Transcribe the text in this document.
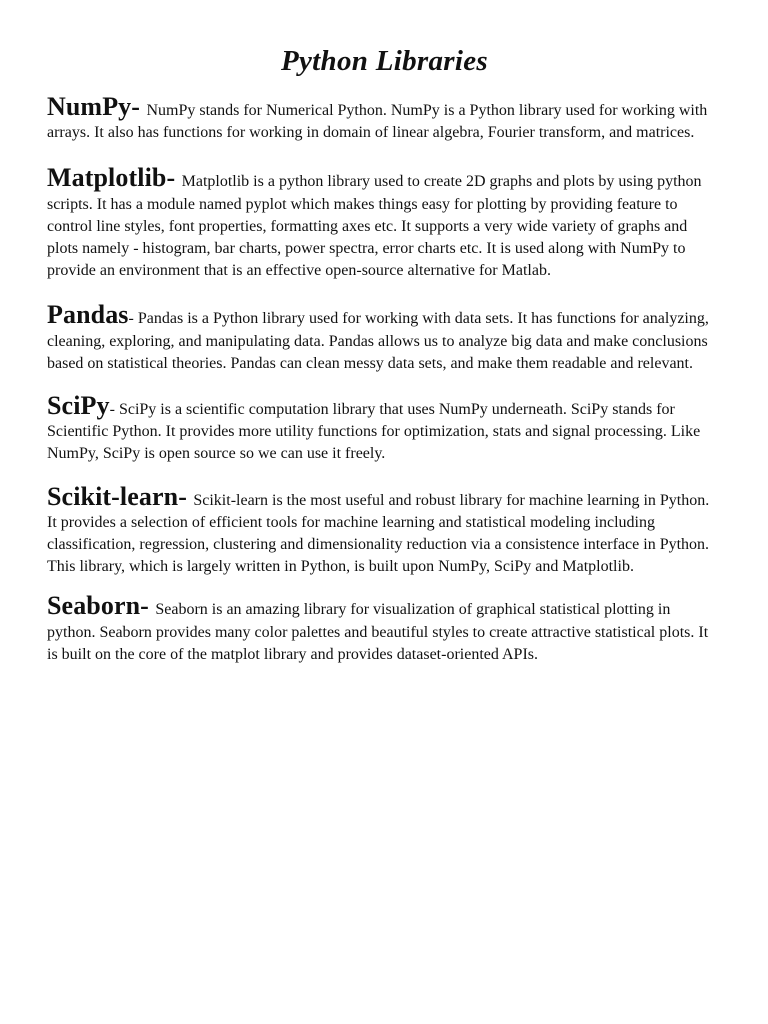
Python Libraries

NumPy- NumPy stands for Numerical Python. NumPy is a Python library used for working with arrays. It also has functions for working in domain of linear algebra, Fourier transform, and matrices.

Matplotlib- Matplotlib is a python library used to create 2D graphs and plots by using python scripts. It has a module named pyplot which makes things easy for plotting by providing feature to control line styles, font properties, formatting axes etc. It supports a very wide variety of graphs and plots namely - histogram, bar charts, power spectra, error charts etc. It is used along with NumPy to provide an environment that is an effective open-source alternative for Matlab.

Pandas- Pandas is a Python library used for working with data sets. It has functions for analyzing, cleaning, exploring, and manipulating data. Pandas allows us to analyze big data and make conclusions based on statistical theories. Pandas can clean messy data sets, and make them readable and relevant.

SciPy- SciPy is a scientific computation library that uses NumPy underneath. SciPy stands for Scientific Python. It provides more utility functions for optimization, stats and signal processing. Like NumPy, SciPy is open source so we can use it freely.

Scikit-learn- Scikit-learn is the most useful and robust library for machine learning in Python. It provides a selection of efficient tools for machine learning and statistical modeling including classification, regression, clustering and dimensionality reduction via a consistence interface in Python. This library, which is largely written in Python, is built upon NumPy, SciPy and Matplotlib.

Seaborn- Seaborn is an amazing library for visualization of graphical statistical plotting in python. Seaborn provides many color palettes and beautiful styles to create attractive statistical plots. It is built on the core of the matplot library and provides dataset-oriented APIs.
